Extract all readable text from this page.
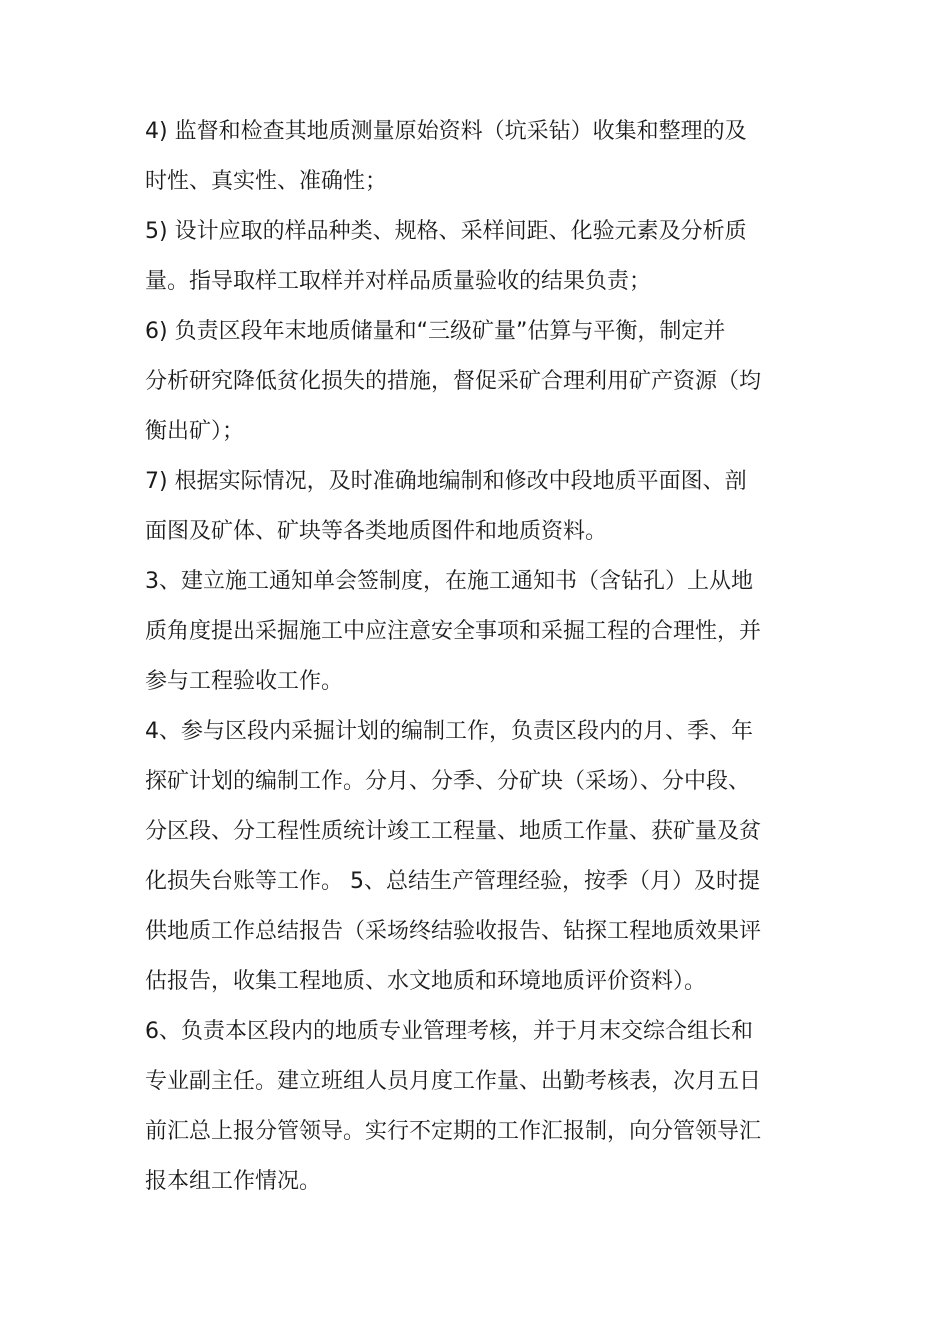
4) 监督和检查其地质测量原始资料（坑采钻）收集和整理的及
时性、真实性、准确性；
5) 设计应取的样品种类、规格、采样间距、化验元素及分析质
量。指导取样工取样并对样品质量验收的结果负责；
6) 负责区段年末地质储量和“三级矿量”估算与平衡，制定并
分析研究降低贫化损失的措施，督促采矿合理利用矿产资源（均
衡出矿）；
7) 根据实际情况，及时准确地编制和修改中段地质平面图、剖
面图及矿体、矿块等各类地质图件和地质资料。
3、建立施工通知单会签制度，在施工通知书（含钻孔）上从地
质角度提出采掘施工中应注意安全事项和采掘工程的合理性，并
参与工程验收工作。
4、参与区段内采掘计划的编制工作，负责区段内的月、季、年
探矿计划的编制工作。分月、分季、分矿块（采场）、分中段、
分区段、分工程性质统计竣工工程量、地质工作量、获矿量及贫
化损失台账等工作。 5、总结生产管理经验，按季（月）及时提
供地质工作总结报告（采场终结验收报告、钻探工程地质效果评
估报告，收集工程地质、水文地质和环境地质评价资料）。
6、负责本区段内的地质专业管理考核，并于月末交综合组长和
专业副主任。建立班组人员月度工作量、出勤考核表，次月五日
前汇总上报分管领导。实行不定期的工作汇报制，向分管领导汇
报本组工作情况。
